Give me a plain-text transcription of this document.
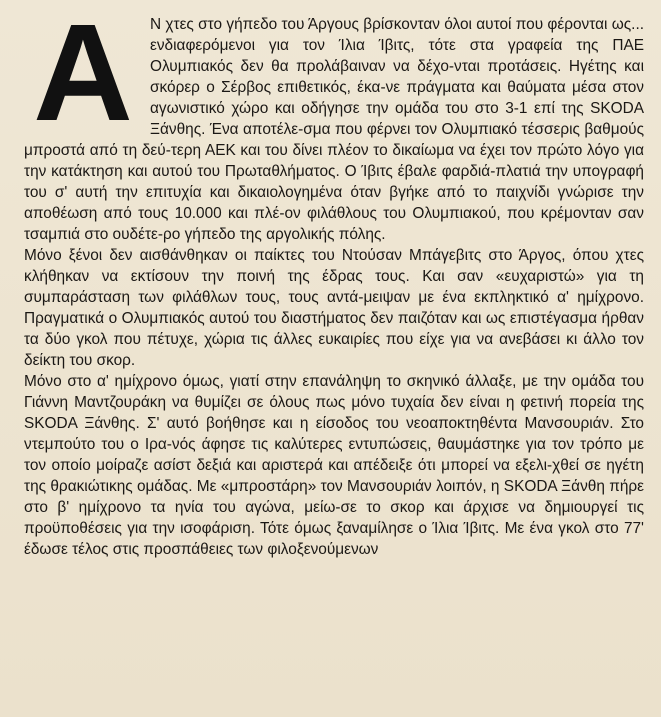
Α	Ν χτες στο γήπεδο του Άργους βρίσκονταν όλοι αυτοί που φέρονται ως... ενδιαφερόμενοι για τον Ίλια Ίβιτς, τότε στα γραφεία της ΠΑΕ Ολυμπιακός δεν θα προλάβαιναν να δέχο-νται προτάσεις. Ηγέτης και σκόρερ ο Σέρβος επιθετικός, έκα-νε πράγματα και θαύματα μέσα στον αγωνιστικό χώρο και οδήγησε την ομάδα του στο 3-1 επί της SKODA Ξάνθης. Ένα αποτέλε-σμα που φέρνει τον Ολυμπιακό τέσσερις βαθμούς μπροστά από τη δεύ-τερη ΑΕΚ και του δίνει πλέον το δικαίωμα να έχει τον πρώτο λόγο για την κατάκτηση και αυτού του Πρωταθλήματος. Ο Ίβιτς έβαλε φαρδιά-πλατιά την υπογραφή του σ' αυτή την επιτυχία και δικαιολογημένα όταν βγήκε από το παιχνίδι γνώρισε την αποθέωση από τους 10.000 και πλέ-ον φιλάθλους του Ολυμπιακού, που κρέμονταν σαν τσαμπιά στο ουδέτε-ρο γήπεδο της αργολικής πόλης.

Μόνο ξένοι δεν αισθάνθηκαν οι παίκτες του Ντούσαν Μπάγεβιτς στο Άργος, όπου χτες κλήθηκαν να εκτίσουν την ποινή της έδρας τους. Και σαν «ευχαριστώ» για τη συμπαράσταση των φιλάθλων τους, τους αντά-μειψαν με ένα εκπληκτικό α' ημίχρονο. Πραγματικά ο Ολυμπιακός αυτού του διαστήματος δεν παιζόταν και ως επιστέγασμα ήρθαν τα δύο γκολ που πέτυχε, χώρια τις άλλες ευκαιρίες που είχε για να ανεβάσει κι άλλο τον δείκτη του σκορ.

Μόνο στο α' ημίχρονο όμως, γιατί στην επανάληψη το σκηνικό άλλαξε, με την ομάδα του Γιάννη Μαντζουράκη να θυμίζει σε όλους πως μόνο τυχαία δεν είναι η φετινή πορεία της SKODA Ξάνθης. Σ' αυτό βοήθησε και η είσοδος του νεοαποκτηθέντα Μανσουριάν. Στο ντεμπούτο του ο Ιρα-νός άφησε τις καλύτερες εντυπώσεις, θαυμάστηκε για τον τρόπο με τον οποίο μοίραζε ασίστ δεξιά και αριστερά και απέδειξε ότι μπορεί να εξελι-χθεί σε ηγέτη της θρακιώτικης ομάδας. Με «μπροστάρη» τον Μανσουριάν λοιπόν, η SKODA Ξάνθη πήρε στο β' ημίχρονο τα ηνία του αγώνα, μείω-σε το σκορ και άρχισε να δημιουργεί τις προϋποθέσεις για την ισοφάριση. Τότε όμως ξαναμίλησε ο Ίλια Ίβιτς. Με ένα γκολ στο 77' έδωσε τέλος στις προσπάθειες των φιλοξενούμενων
